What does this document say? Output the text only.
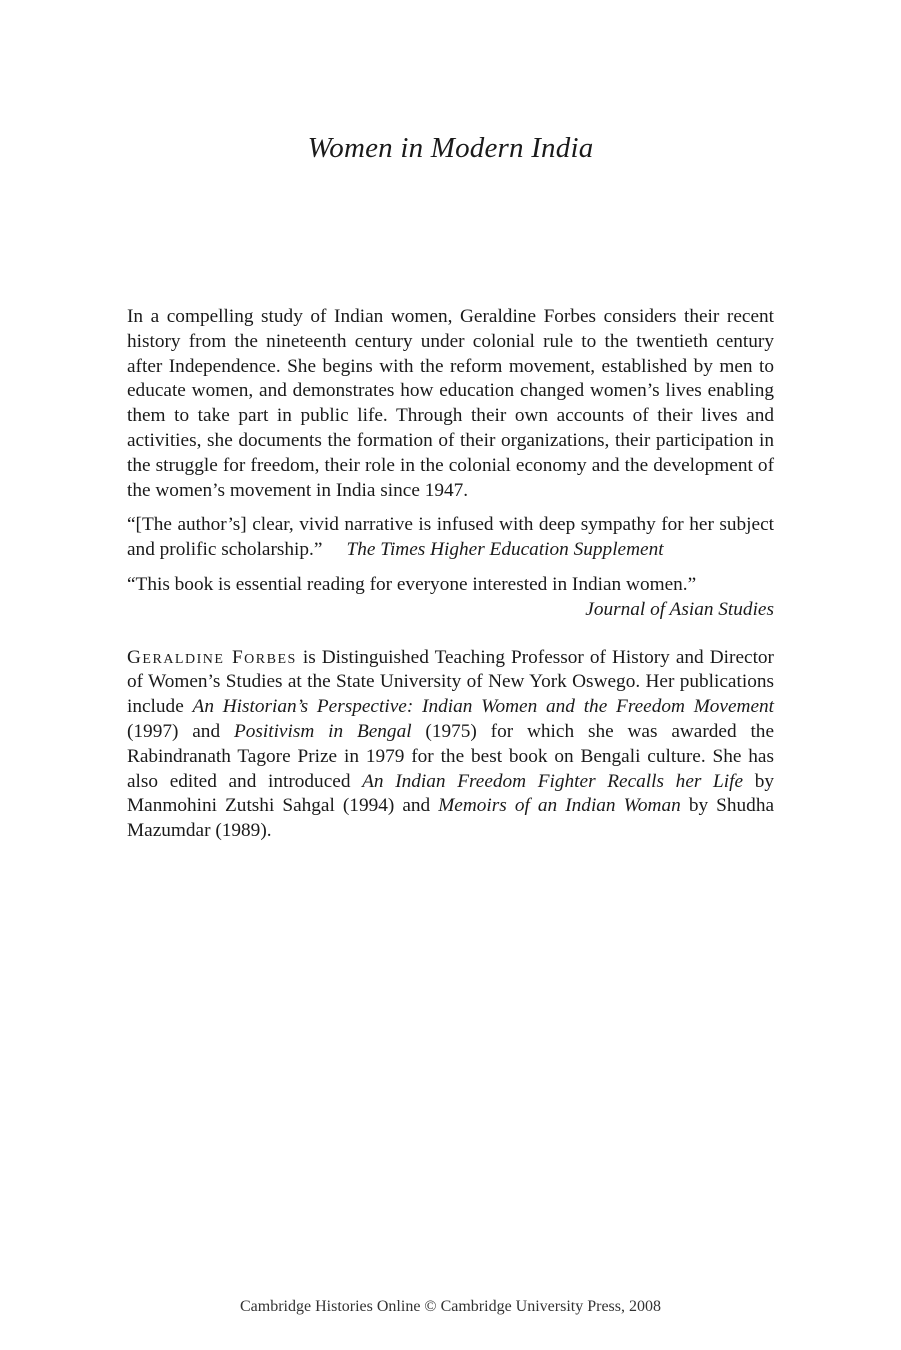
Women in Modern India

In a compelling study of Indian women, Geraldine Forbes considers their recent history from the nineteenth century under colonial rule to the twentieth century after Independence. She begins with the reform movement, established by men to educate women, and demonstrates how education changed women’s lives enabling them to take part in public life. Through their own accounts of their lives and activities, she documents the formation of their organizations, their participation in the struggle for freedom, their role in the colonial economy and the development of the women’s movement in India since 1947.

“[The author’s] clear, vivid narrative is infused with deep sympathy for her subject and prolific scholarship.” The Times Higher Education Supplement

“This book is essential reading for everyone interested in Indian women.”
Journal of Asian Studies

Geraldine Forbes is Distinguished Teaching Professor of History and Director of Women’s Studies at the State University of New York Oswego. Her publications include An Historian’s Perspective: Indian Women and the Freedom Movement (1997) and Positivism in Bengal (1975) for which she was awarded the Rabindranath Tagore Prize in 1979 for the best book on Bengali culture. She has also edited and introduced An Indian Freedom Fighter Recalls her Life by Manmohini Zutshi Sahgal (1994) and Memoirs of an Indian Woman by Shudha Mazumdar (1989).

Cambridge Histories Online © Cambridge University Press, 2008
